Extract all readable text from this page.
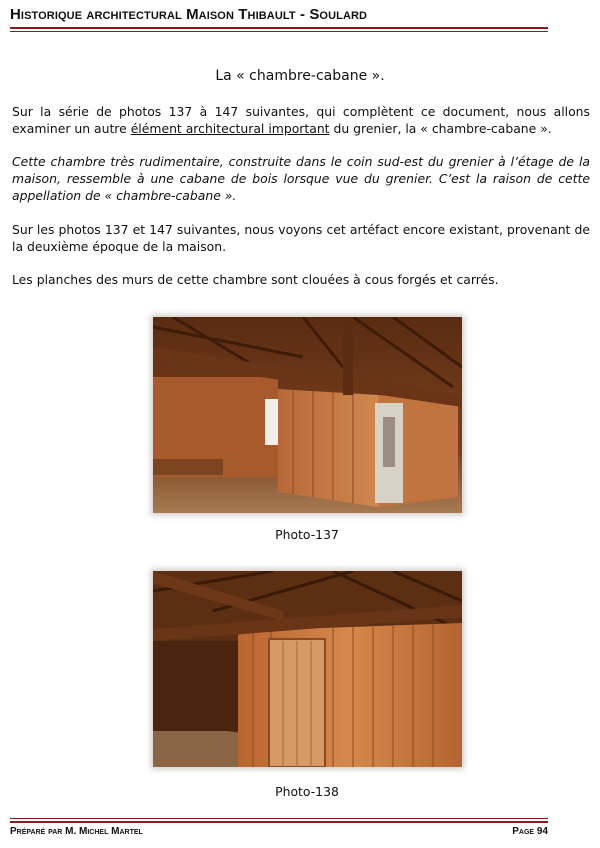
Historique architectural Maison Thibault - Soulard
La « chambre-cabane ».
Sur la série de photos 137 à 147 suivantes, qui complètent ce document, nous allons examiner un autre élément architectural important du grenier, la « chambre-cabane ».
Cette chambre très rudimentaire, construite dans le coin sud-est du grenier à l’étage de la maison, ressemble à une cabane de bois lorsque vue du grenier. C’est la raison de cette appellation de « chambre-cabane ».
Sur les photos 137 et 147 suivantes, nous voyons cet artéfact encore existant, provenant de la deuxième époque de la maison.
Les planches des murs de cette chambre sont clouées à cous forgés et carrés.
Photo-137
Photo-138
Préparé par M. Michel Martel	Page 94
